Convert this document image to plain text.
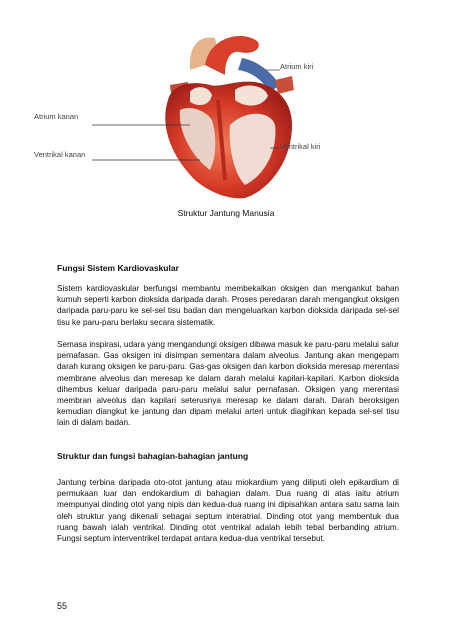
Atrium kiri
Atrium kanan
Ventrikal kiri
Ventrikal kanan
Struktur Jantung Manusia
Fungsi Sistem Kardiovaskular

Sistem kardiovaskular berfungsi membantu membekalkan oksigen dan mengankut bahan kumuh seperti karbon dioksida daripada darah. Proses peredaran darah mengangkut oksigen daripada paru-paru ke sel-sel tisu badan dan mengeluarkan karbon dioksida daripada sel-sel tisu ke paru-paru berlaku secara sistematik.

Semasa inspirasi, udara yang mengandungi oksigen dibawa masuk ke paru-paru melalui salur pernafasan. Gas oksigen ini disimpan sementara dalam alveolus. Jantung akan mengepam darah kurang oksigen ke paru-paru. Gas-gas oksigen dan karbon dioksida meresap merentasi membrane alveolus dan meresap ke dalam darah melalui kapilari-kapilari. Karbon dioksida dihembus keluar daripada paru-paru melalui salur pernafasan. Oksigen yang merentasi membran alveolus dan kapilari seterusnya meresap ke dalam darah. Darah beroksigen kemudian diangkut ke jantung dan dipam melalui arteri untuk diagihkan kepada sel-sel tisu lain di dalam badan.

Struktur dan fungsi bahagian-bahagian jantung

Jantung terbina daripada oto-otot jantung atau miokardium yang diliputi oleh epikardium di permukaan luar dan endokardium di bahagian dalam. Dua ruang di atas iaitu atrium mempunyai dinding otot yang nipis dan kedua-dua ruang ini dipisahkan antara satu sama lain oleh struktur yang dikenali sebagai septum interatrial. Dinding otot yang membentuk dua ruang bawah ialah ventrikal. Dinding otot ventrikal adalah lebih tebal berbanding atrium. Fungsi septum interventrikel terdapat antara kedua-dua ventrikal tersebut.

55
